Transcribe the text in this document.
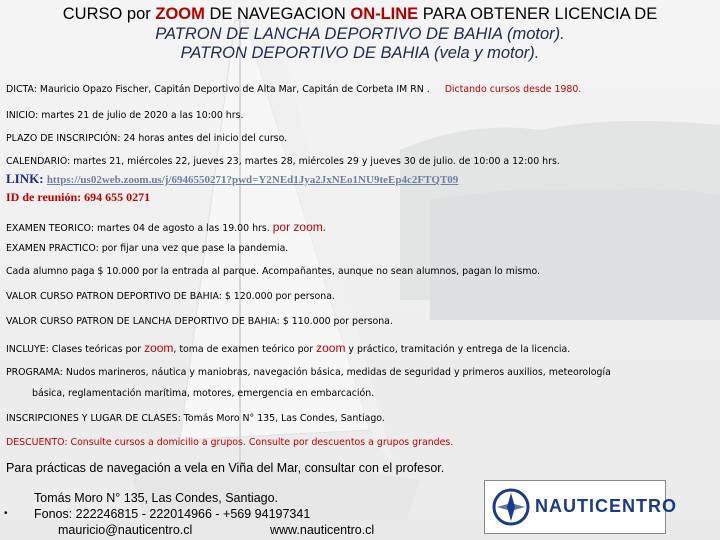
CURSO por ZOOM DE NAVEGACION ON-LINE PARA OBTENER LICENCIA DE
PATRON DE LANCHA DEPORTIVO DE BAHIA (motor).
PATRON DEPORTIVO DE BAHIA (vela y motor).
DICTA: Mauricio Opazo Fischer, Capitán Deportivo de Alta Mar, Capitán de Corbeta IM RN . Dictando cursos desde 1980.
INICIO: martes 21 de julio de 2020 a las 10:00 hrs.
PLAZO DE INSCRIPCIÓN: 24 horas antes del inicio del curso.
CALENDARIO: martes 21, miércoles 22, jueves 23, martes 28, miércoles 29 y jueves 30 de julio. de 10:00 a 12:00 hrs.
LINK: https://us02web.zoom.us/j/6946550271?pwd=Y2NEd1Jya2JxNEo1NU9teEp4c2FTQT09
ID de reunión: 694 655 0271
EXAMEN TEORICO: martes 04 de agosto a las 19.00 hrs. por zoom.
EXAMEN PRACTICO: por fijar una vez que pase la pandemia.
Cada alumno paga $ 10.000 por la entrada al parque. Acompañantes, aunque no sean alumnos, pagan lo mismo.
VALOR CURSO PATRON DEPORTIVO DE BAHIA: $ 120.000 por persona.
VALOR CURSO PATRON DE LANCHA DEPORTIVO DE BAHIA: $ 110.000 por persona.
INCLUYE: Clases teóricas por zoom, toma de examen teórico por zoom y práctico, tramitación y entrega de la licencia.
PROGRAMA: Nudos marineros, náutica y maniobras, navegación básica, medidas de seguridad y primeros auxilios, meteorología
básica, reglamentación marítima, motores, emergencia en embarcación.
INSCRIPCIONES Y LUGAR DE CLASES: Tomás Moro N° 135, Las Condes, Santiago.
DESCUENTO: Consulte cursos a domicilio a grupos. Consulte por descuentos a grupos grandes.
Para prácticas de navegación a vela en Viña del Mar, consultar con el profesor.
Tomás Moro N° 135, Las Condes, Santiago.
• Fonos: 222246815 - 222014966 - +569 94197341
mauricio@nauticentro.cl	www.nauticentro.cl
NAUTICENTRO
